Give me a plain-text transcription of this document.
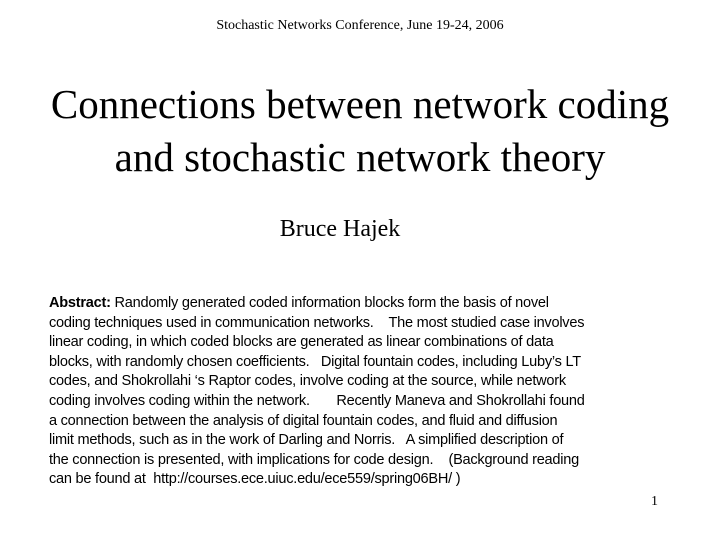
Stochastic Networks Conference, June 19-24, 2006
Connections between network coding
and stochastic network theory
Bruce Hajek
Abstract: Randomly generated coded information blocks form the basis of novel
coding techniques used in communication networks.    The most studied case involves
linear coding, in which coded blocks are generated as linear combinations of data
blocks, with randomly chosen coefficients.   Digital fountain codes, including Luby’s LT
codes, and Shokrollahi ‘s Raptor codes, involve coding at the source, while network
coding involves coding within the network.       Recently Maneva and Shokrollahi found
a connection between the analysis of digital fountain codes, and fluid and diffusion
limit methods, such as in the work of Darling and Norris.   A simplified description of
the connection is presented, with implications for code design.    (Background reading
can be found at  http://courses.ece.uiuc.edu/ece559/spring06BH/ )
1
